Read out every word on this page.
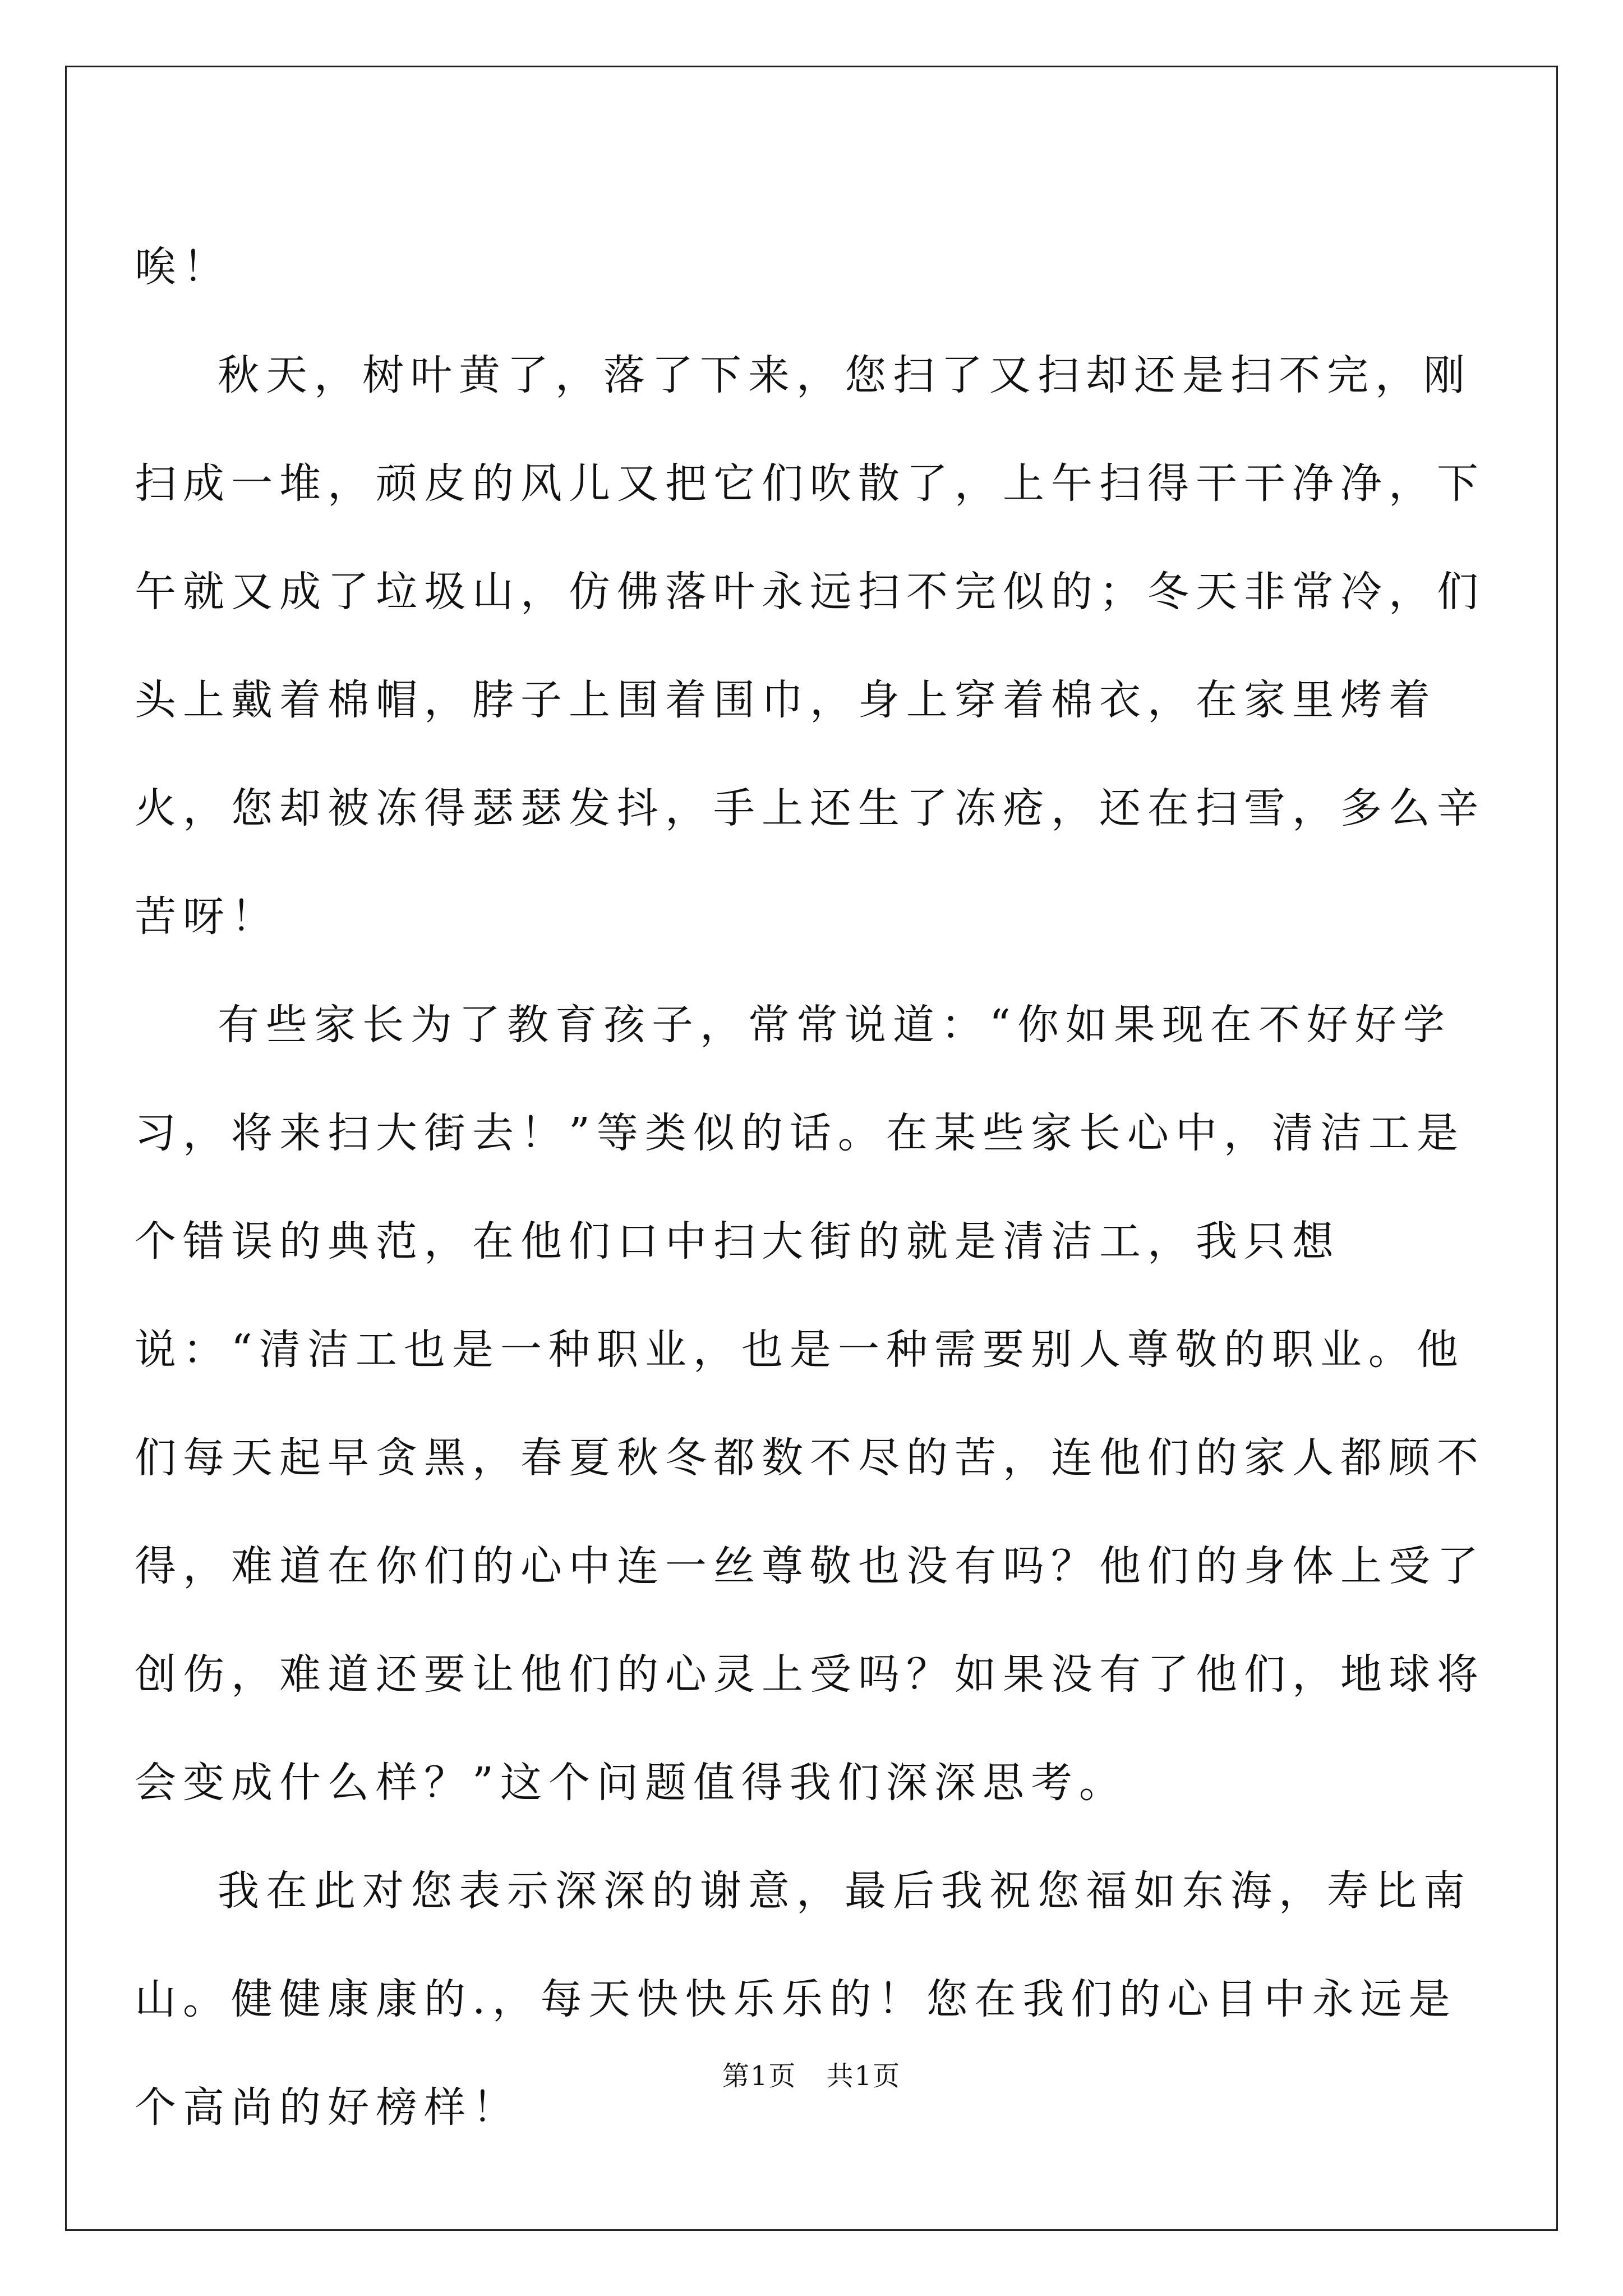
唉！

秋天，树叶黄了，落了下来，您扫了又扫却还是扫不完，刚扫成一堆，顽皮的风儿又把它们吹散了，上午扫得干干净净，下午就又成了垃圾山，仿佛落叶永远扫不完似的；冬天非常冷，们头上戴着棉帽，脖子上围着围巾，身上穿着棉衣，在家里烤着火，您却被冻得瑟瑟发抖，手上还生了冻疮，还在扫雪，多么辛苦呀！

有些家长为了教育孩子，常常说道：“你如果现在不好好学习，将来扫大街去！”等类似的话。在某些家长心中，清洁工是个错误的典范，在他们口中扫大街的就是清洁工，我只想说：“清洁工也是一种职业，也是一种需要别人尊敬的职业。他们每天起早贪黑，春夏秋冬都数不尽的苦，连他们的家人都顾不得，难道在你们的心中连一丝尊敬也没有吗？他们的身体上受了创伤，难道还要让他们的心灵上受吗？如果没有了他们，地球将会变成什么样？”这个问题值得我们深深思考。

我在此对您表示深深的谢意，最后我祝您福如东海，寿比南山。健健康康的.，每天快快乐乐的！您在我们的心目中永远是个高尚的好榜样！

第1页 共1页
